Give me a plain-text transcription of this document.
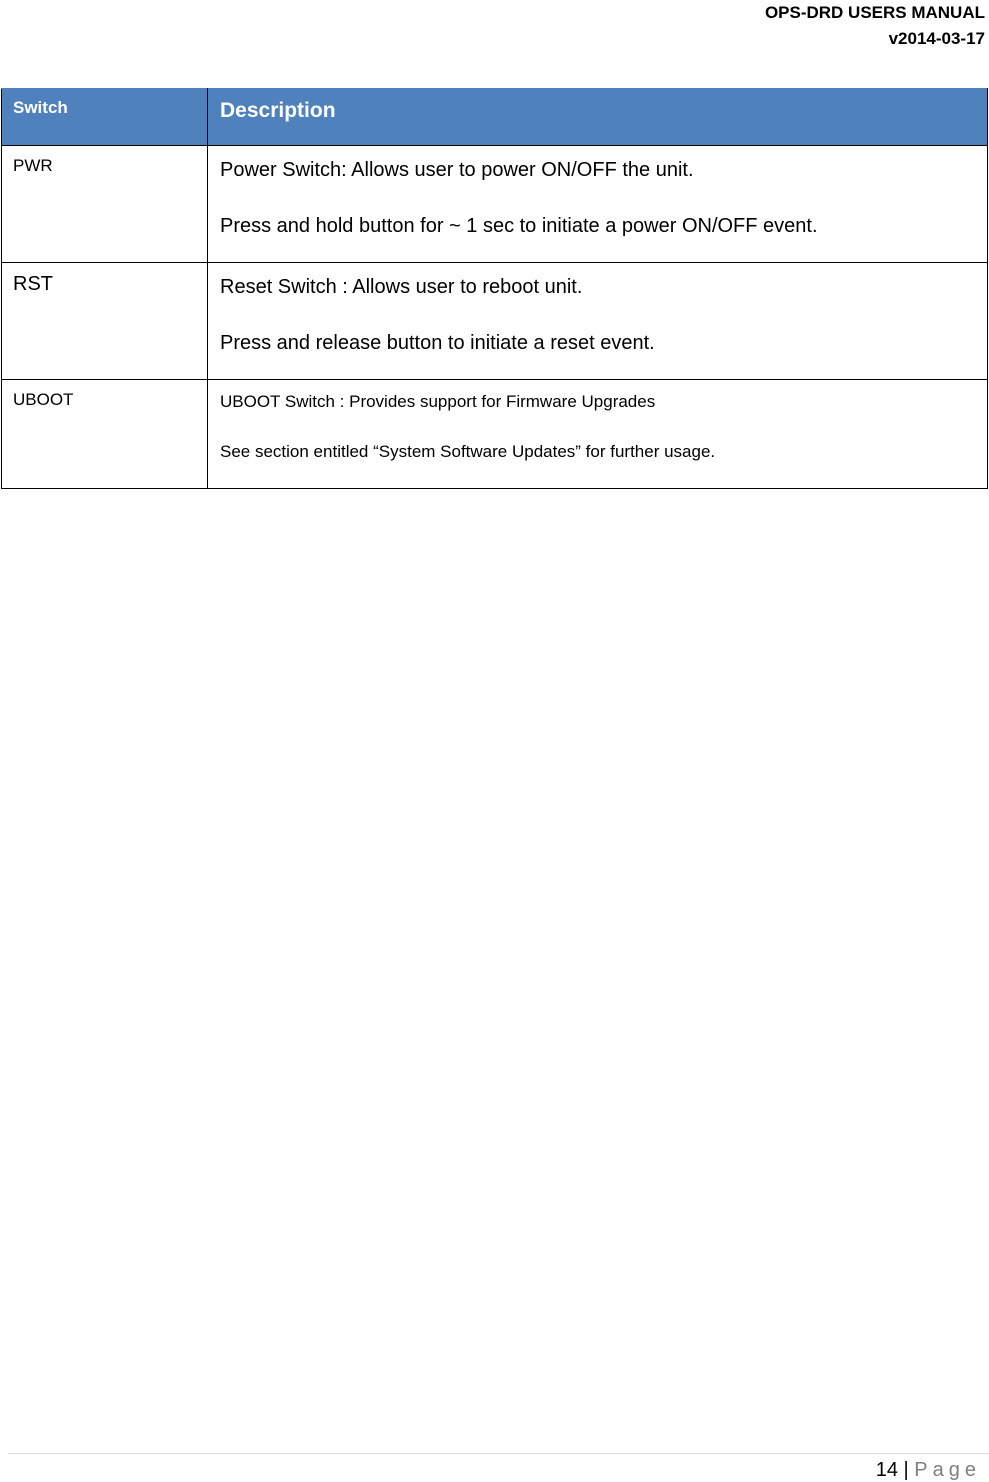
OPS-DRD USERS MANUAL
v2014-03-17
Switch	Description
PWR	Power Switch: Allows user to power ON/OFF the unit.

Press and hold button for ~ 1 sec to initiate a power ON/OFF event.

RST	Reset Switch : Allows user to reboot unit.

Press and release button to initiate a reset event.

UBOOT	UBOOT Switch : Provides support for Firmware Upgrades

See section entitled “System Software Updates” for further usage.

14 | Page
